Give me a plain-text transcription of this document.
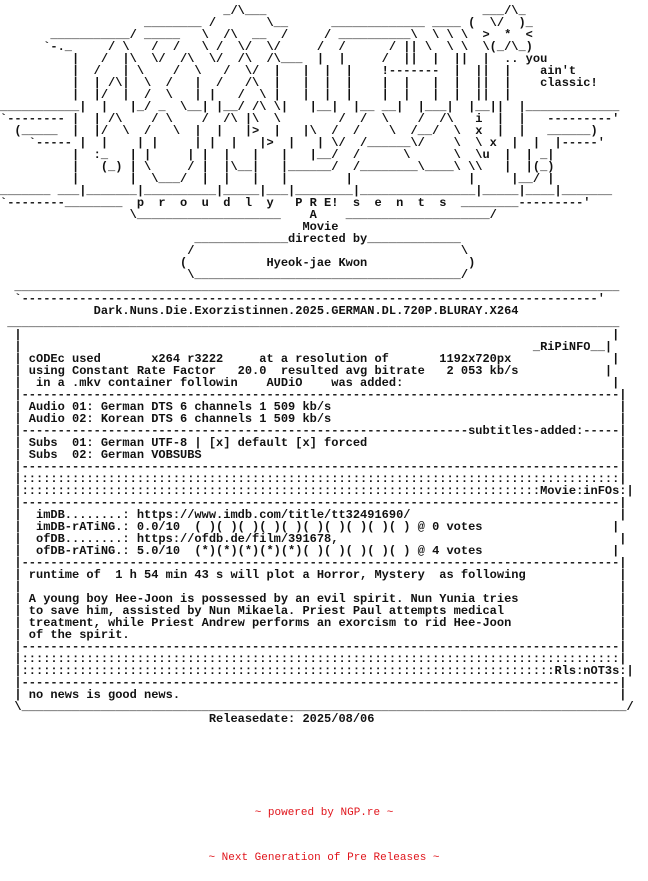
_/\___                              ___/\_
________ /       \__      _____________ ____ (  \/  )_
___________/ _____   \  /\  __  /     / __________\  \ \ \  >  *  <
`-._     / \   /  /   \ /  \/  \/     /  /      / || \  \ \  \(_/\_)
|   /  |\  \/  /\  \/  /\  /\___  |  |     /  ||  |  ||  |  .. you
|  /   | \    /  \   /  \/  |   |  |  |    !-------  |  ||  |    ain't
|  | /\|  \  /   |  /   /\  |   |  |  |    |  |   |  |  ||  |    classic!
|  |/  |  /  \   | |   /  \ |   |  |  |    |  |   |  |  ||  |
___________|  |   |_/ _  \__| |__/ /\ \|   |__|  |__ __|  |___|  |__||  |_____________
`-------- |  | /\    / \    /  /\ |\  \        /  /  \    /  /\   i  |  |   ---------'
(_____  |  |/  \  /   \  |  |   |>  |   |\  /  /    \  /__/  \  x  |  |   ______)
`----- |  |    | |     | |  |   |>  |   | \/  /______\/    \  \ x  |  |  |-----'
|  :_   | |     | |  |   |   |   |__/  /      \      \  \u  |  | _|
|   (_) | \     / |  |\__|   |______/  /________\____\ \\   |  |(_)
|       |  \___/  |  |   |   |        |                |     |__/ |
_______ ___|_______|__________|_____|___|________|________________|_____|____|_______
`--------________  p  r  o  u  d  l  y   P R E!  s  e  n  t  s  ________---------'
\____________________    A    ____________________/
Movie
_____________directed by_____________
/                                     \
(           Hyeok-jae Kwon              )
\_____________________________________/
____________________________________________________________________________________
`--------------------------------------------------------------------------------'
Dark.Nuns.Die.Exorzistinnen.2025.GERMAN.DL.720P.BLURAY.X264
_____________________________________________________________________________________
|                                                                                  |
|                                                                       _RiPiNFO__|
| cODEc used       x264 r3222     at a resolution of       1192x720px              |
| using Constant Rate Factor   20.0  resulted avg bitrate   2 053 kb/s            |
|  in a .mkv container followin    AUDiO    was added:                             |
|-----------------------------------------------------------------------------------|
| Audio 01: German DTS 6 channels 1 509 kb/s                                        |
| Audio 02: Korean DTS 6 channels 1 509 kb/s                                        |
|--------------------------------------------------------------subtitles-added:-----|
| Subs  01: German UTF-8 | [x] default [x] forced                                   |
| Subs  02: German VOBSUBS                                                          |
|-----------------------------------------------------------------------------------|
|:::::::::::::::::::::::::::::::::::::::::::::::::::::::::::::::::::::::::::::::::::|
|::::::::::::::::::::::::::::::::::::::::::::::::::::::::::::::::::::::::Movie:inFOs:|
|-----------------------------------------------------------------------------------|
|  imDB........: https://www.imdb.com/title/tt32491690/                             |
|  imDB-rATiNG.: 0.0/10  ( )( )( )( )( )( )( )( )( )( ) @ 0 votes                  |
|  ofDB........: https://ofdb.de/film/391678,                                       |
|  ofDB-rATiNG.: 5.0/10  (*)(*)(*)(*)(*)( )( )( )( )( ) @ 4 votes                  |
|-----------------------------------------------------------------------------------|
| runtime of  1 h 54 min 43 s will plot a Horror, Mystery  as following             |
|                                                                                   |
| A young boy Hee-Joon is possessed by an evil spirit. Nun Yunia tries              |
| to save him, assisted by Nun Mikaela. Priest Paul attempts medical                |
| treatment, while Priest Andrew performs an exorcism to rid Hee-Joon               |
| of the spirit.                                                                    |
|-----------------------------------------------------------------------------------|
|:::::::::::::::::::::::::::::::::::::::::::::::::::::::::::::::::::::::::::::::::::|
|::::::::::::::::::::::::::::::::::::::::::::::::::::::::::::::::::::::::::Rls:nOT3s:|
|-----------------------------------------------------------------------------------|
| no news is good news.                                                             |
\____________________________________________________________________________________/
Releasedate: 2025/08/06

~ powered by NGP.re ~

~ Next Generation of Pre Releases ~
